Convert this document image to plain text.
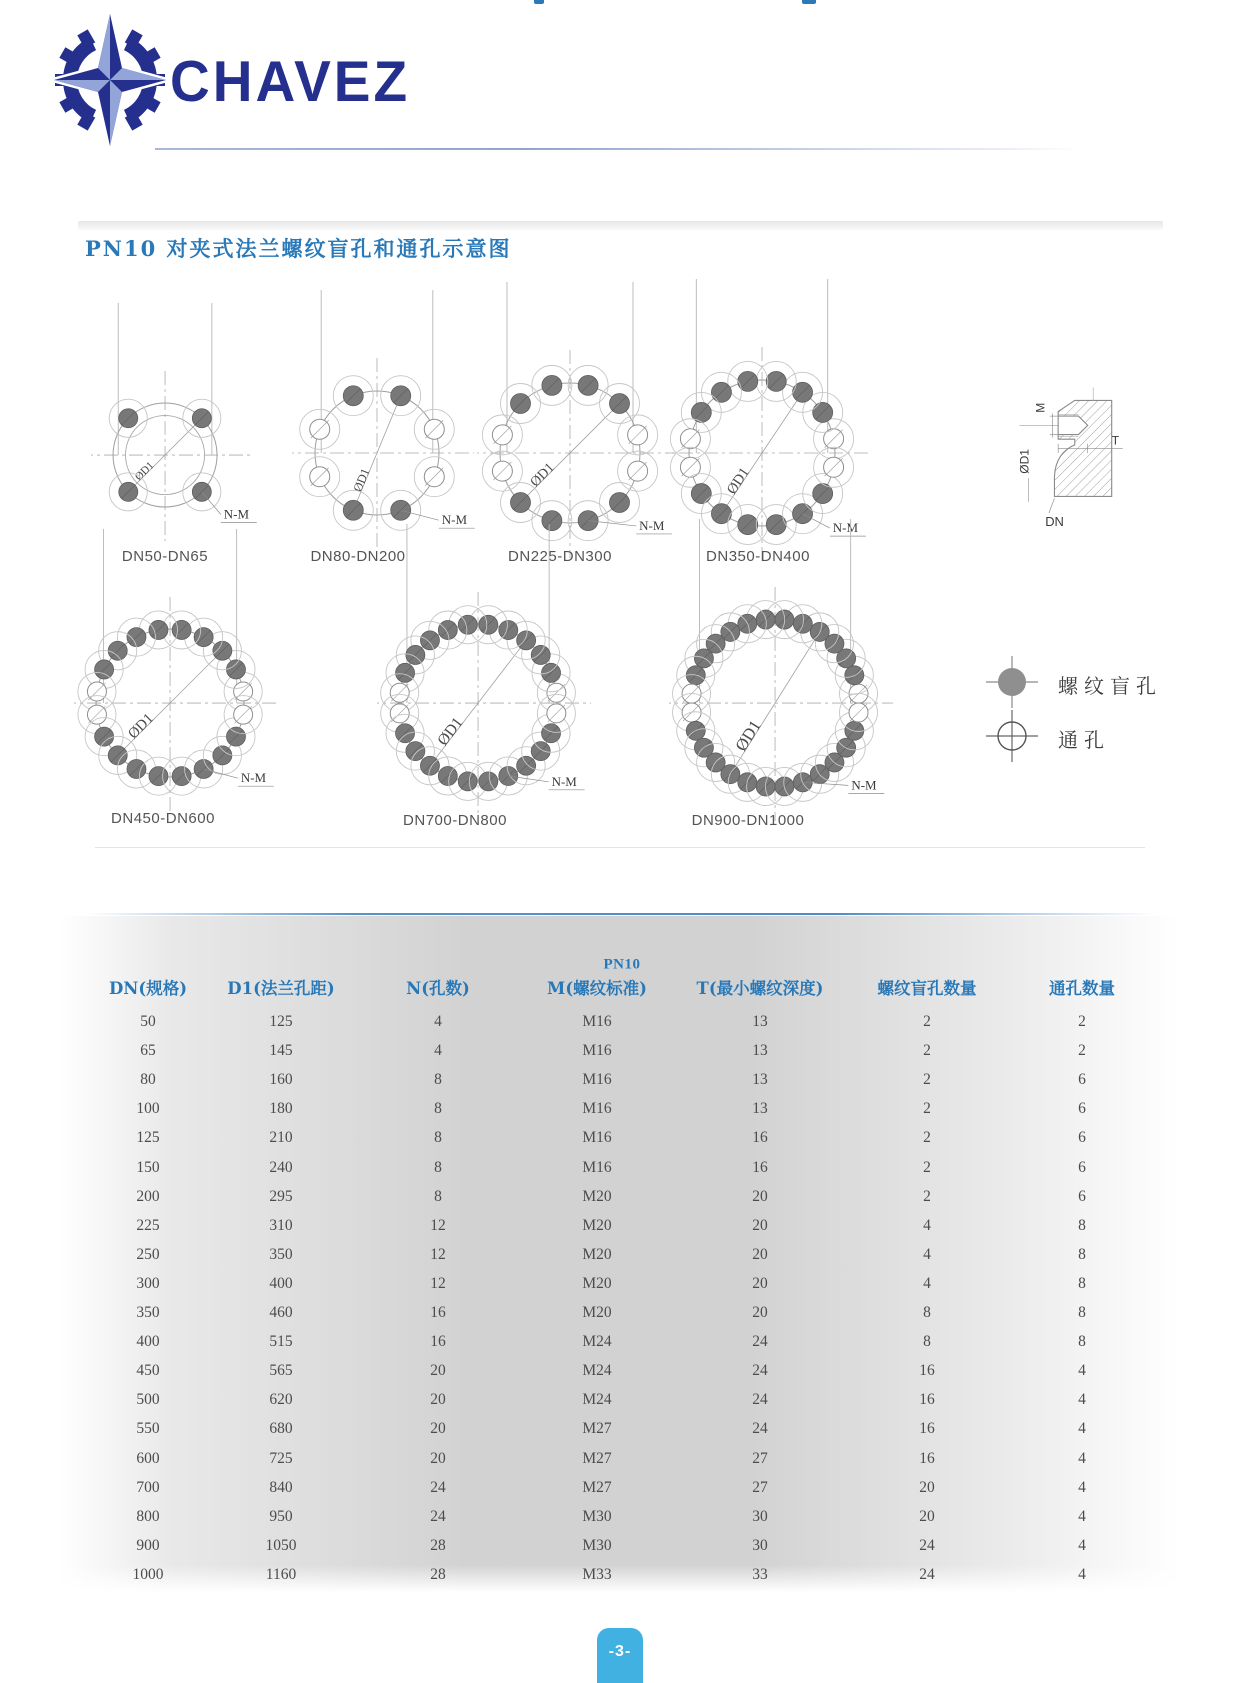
CHAVEZ
PN10 对夹式法兰螺纹盲孔和通孔示意图
ØD1
N-M
DN50-DN65
ØD1
N-M
DN80-DN200
ØD1
N-M
DN225-DN300
ØD1
N-M
DN350-DN400
ØD1
N-M
DN450-DN600
ØD1
N-M
DN700-DN800
ØD1
N-M
DN900-DN1000
M
ØD1
T
DN
螺纹盲孔
通孔
PN10
DN(规格) D1(法兰孔距)	N(孔数)	M(螺纹标准)	T(最小螺纹深度)	螺纹盲孔数量	通孔数量
50	125	4	M16	13	2	2
65	145	4	M16	13	2	2
80	160	8	M16	13	2	6
100	180	8	M16	13	2	6
125	210	8	M16	16	2	6
150	240	8	M16	16	2	6
200	295	8	M20	20	2	6
225	310	12	M20	20	4	8
250	350	12	M20	20	4	8
300	400	12	M20	20	4	8
350	460	16	M20	20	8	8
400	515	16	M24	24	8	8
450	565	20	M24	24	16	4
500	620	20	M24	24	16	4
550	680	20	M27	24	16	4
600	725	20	M27	27	16	4
700	840	24	M27	27	20	4
800	950	24	M30	30	20	4
900	1050	28	M30	30	24	4
1000	1160	28	M33	33	24	4
-3-
